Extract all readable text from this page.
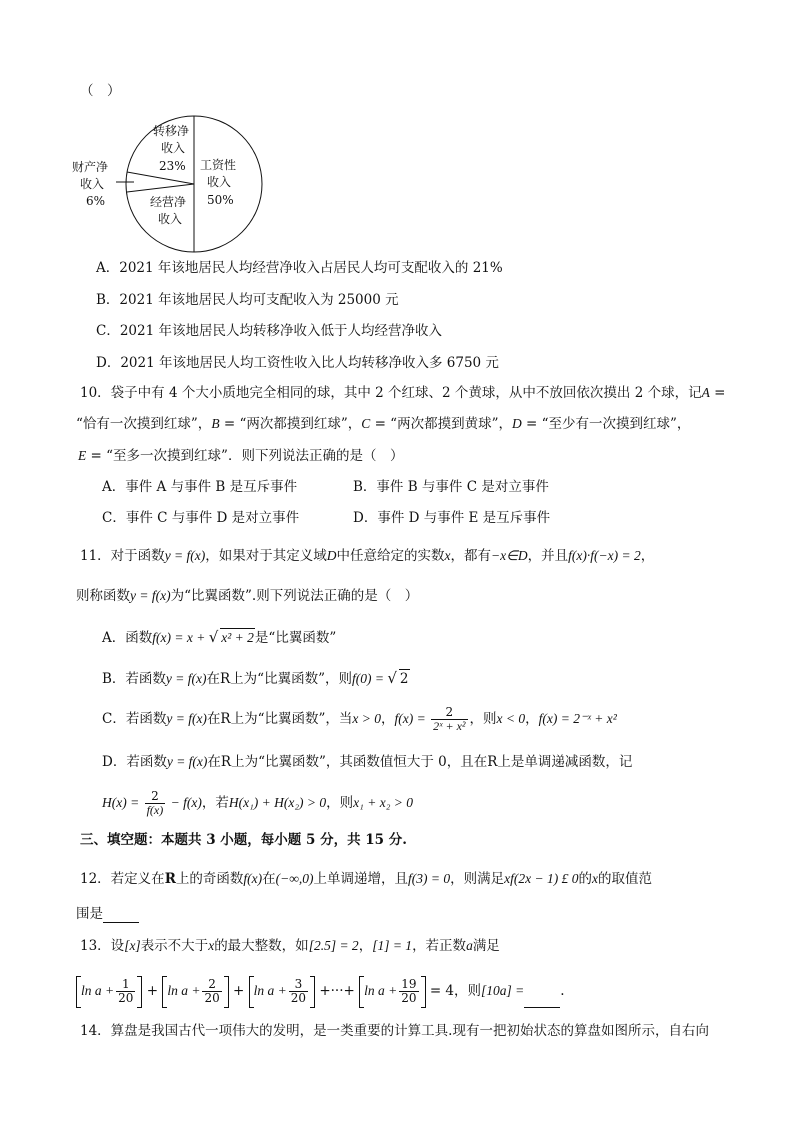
（　）
转移净
收入
23% 工资性
收入
50%
经营净
收入
财产净
收入
6%
A．2021 年该地居民人均经营净收入占居民人均可支配收入的 21%
B．2021 年该地居民人均可支配收入为 25000 元
C．2021 年该地居民人均转移净收入低于人均经营净收入
D．2021 年该地居民人均工资性收入比人均转移净收入多 6750 元
10．袋子中有 4 个大小质地完全相同的球，其中 2 个红球、2 个黄球，从中不放回依次摸出 2 个球，记A =
“恰有一次摸到红球”，B = “两次都摸到红球”，C = “两次都摸到黄球”，D = “至少有一次摸到红球”，
E = “至多一次摸到红球”．则下列说法正确的是（　）
A．事件 A 与事件 B 是互斥事件	B．事件 B 与事件 C 是对立事件
C．事件 C 与事件 D 是对立事件	D．事件 D 与事件 E 是互斥事件
11．对于函数y = f(x)，如果对于其定义域D中任意给定的实数x，都有−x∈D，并且f(x)·f(−x) = 2，
则称函数y = f(x)为“比翼函数”.则下列说法正确的是（　）
A．函数f(x) = x + √ x² + 2是“比翼函数”
B．若函数y = f(x)在R上为“比翼函数”，则f(0) = √ 2
C．若函数y = f(x)在R上为“比翼函数”，当x > 0，$f(x) = \frac{2}{\text{2ˣ + x²}}$ ，则x < 0，f(x) = 2⁻ˣ + x²
D．若函数y = f(x)在R上为“比翼函数”，其函数值恒大于 0，且在R上是单调递减函数，记
$H(x) = \frac{2}{f(x)} - f(x)$，若H(x₁) + H(x₂) > 0，则x₁ + x₂ > 0
三、填空题：本题共 3 小题，每小题 5 分，共 15 分.
12．若定义在R上的奇函数f(x)在(−∞,0)上单调递增，且f(3) = 0，则满足xf(2x − 1) £ 0的x的取值范
围是
13．设[x]表示不大于x的最大整数，如[2.5] = 2，[1] = 1，若正数a满足
$\ln a + \frac{1}{20} + \ln a + \frac{2}{20} + \ln a + \frac{3}{20}$ +···+ $\ln a + \frac{19}{20} = 4$，则[10a] =	.
14．算盘是我国古代一项伟大的发明，是一类重要的计算工具.现有一把初始状态的算盘如图所示，自右向
